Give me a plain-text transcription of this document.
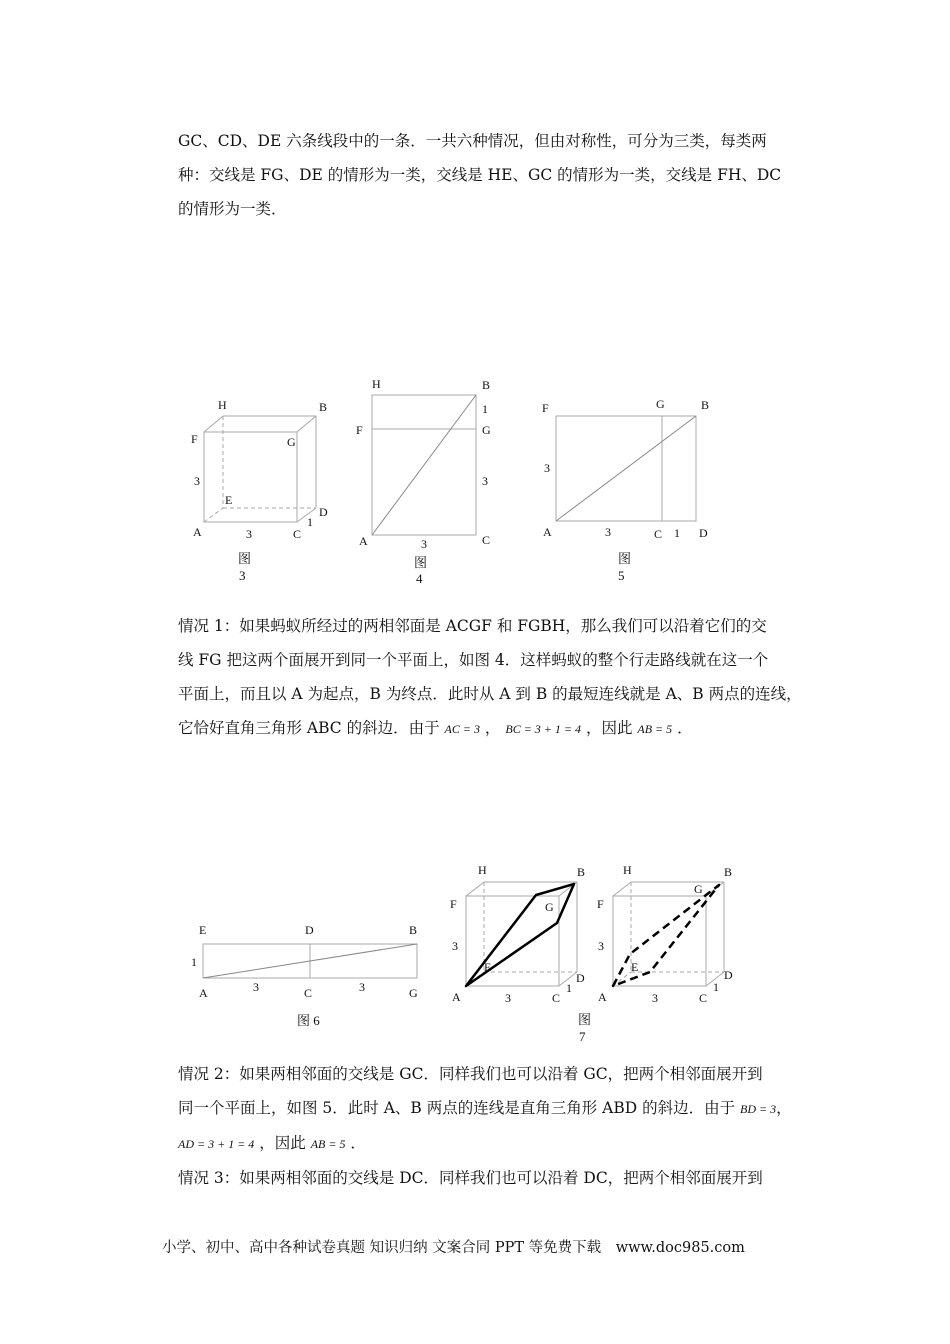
GC、CD、DE 六条线段中的一条．一共六种情况，但由对称性，可分为三类，每类两
种：交线是 FG、DE 的情形为一类，交线是 HE、GC 的情形为一类，交线是 FH、DC
的情形为一类．
H	B
F	G
3
E
D
A	3	C
1
图
3
H	B
1
F	G
3
A	C
3
图
4
F	G	B
3
A	3	C 1 D
图
5
情况 1：如果蚂蚁所经过的两相邻面是 ACGF 和 FGBH，那么我们可以沿着它们的交
线 FG 把这两个面展开到同一个平面上，如图 4．这样蚂蚁的整个行走路线就在这一个
平面上，而且以 A 为起点，B 为终点．此时从 A 到 B 的最短连线就是 A、B 两点的连线，
它恰好直角三角形 ABC 的斜边．由于 AC = 3 ， BC = 3 + 1 = 4 ，因此 AB = 5 ．
E	D	B
1
A	3	C	3	G
图 6
H	B
F	G
3
E
D
1
A	3	C
H	B
G
F
3
E
D
1
A	3	C
图
7
情况 2：如果两相邻面的交线是 GC．同样我们也可以沿着 GC，把两个相邻面展开到
同一个平面上，如图 5．此时 A、B 两点的连线是直角三角形 ABD 的斜边．由于 BD = 3，
AD = 3 + 1 = 4 ，因此 AB = 5 ．
情况 3：如果两相邻面的交线是 DC．同样我们也可以沿着 DC，把两个相邻面展开到
小学、初中、高中各种试卷真题 知识归纳 文案合同 PPT 等免费下载 www.doc985.com
